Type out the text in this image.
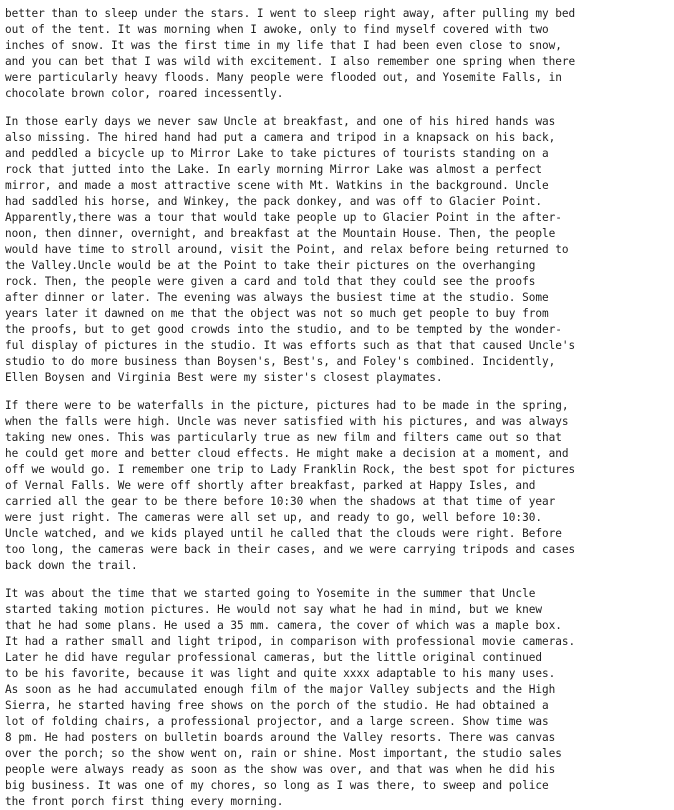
better than to sleep under the stars. I went to sleep right away, after pulling my bed
out of the tent. It was morning when I awoke, only to find myself covered with two
inches of snow. It was the first time in my life that I had been even close to snow,
and you can bet that I was wild with excitement. I also remember one spring when there
were particularly heavy floods. Many people were flooded out, and Yosemite Falls, in
chocolate brown color, roared incessently.
In those early days we never saw Uncle at breakfast, and one of his hired hands was
also missing. The hired hand had put a camera and tripod in a knapsack on his back,
and peddled a bicycle up to Mirror Lake to take pictures of tourists standing on a
rock that jutted into the Lake. In early morning Mirror Lake was almost a perfect
mirror, and made a most attractive scene with Mt. Watkins in the background. Uncle
had saddled his horse, and Winkey, the pack donkey, and was off to Glacier Point.
Apparently,there was a tour that would take people up to Glacier Point in the after-
noon, then dinner, overnight, and breakfast at the Mountain House. Then, the people
would have time to stroll around, visit the Point, and relax before being returned to
the Valley.Uncle would be at the Point to take their pictures on the overhanging
rock. Then, the people were given a card and told that they could see the proofs
after dinner or later. The evening was always the busiest time at the studio. Some
years later it dawned on me that the object was not so much get people to buy from
the proofs, but to get good crowds into the studio, and to be tempted by the wonder-
ful display of pictures in the studio. It was efforts such as that that caused Uncle's
studio to do more business than Boysen's, Best's, and Foley's combined. Incidently,
Ellen Boysen and Virginia Best were my sister's closest playmates.
If there were to be waterfalls in the picture, pictures had to be made in the spring,
when the falls were high. Uncle was never satisfied with his pictures, and was always
taking new ones. This was particularly true as new film and filters came out so that
he could get more and better cloud effects. He might make a decision at a moment, and
off we would go. I remember one trip to Lady Franklin Rock, the best spot for pictures
of Vernal Falls. We were off shortly after breakfast, parked at Happy Isles, and
carried all the gear to be there before 10:30 when the shadows at that time of year
were just right. The cameras were all set up, and ready to go, well before 10:30.
Uncle watched, and we kids played until he called that the clouds were right. Before
too long, the cameras were back in their cases, and we were carrying tripods and cases
back down the trail.
It was about the time that we started going to Yosemite in the summer that Uncle
started taking motion pictures. He would not say what he had in mind, but we knew
that he had some plans. He used a 35 mm. camera, the cover of which was a maple box.
It had a rather small and light tripod, in comparison with professional movie cameras.
Later he did have regular professional cameras, but the little original continued
to be his favorite, because it was light and quite xxxx adaptable to his many uses.
As soon as he had accumulated enough film of the major Valley subjects and the High
Sierra, he started having free shows on the porch of the studio. He had obtained a
lot of folding chairs, a professional projector, and a large screen. Show time was
8 pm. He had posters on bulletin boards around the Valley resorts. There was canvas
over the porch; so the show went on, rain or shine. Most important, the studio sales
people were always ready as soon as the show was over, and that was when he did his
big business. It was one of my chores, so long as I was there, to sweep and police
the front porch first thing every morning.
